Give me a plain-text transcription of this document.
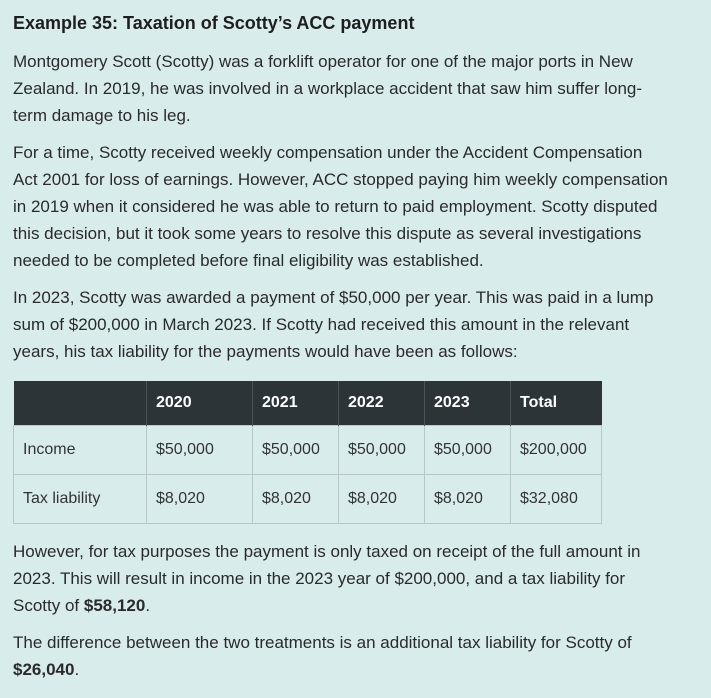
Example 35: Taxation of Scotty’s ACC payment

Montgomery Scott (Scotty) was a forklift operator for one of the major ports in New
Zealand. In 2019, he was involved in a workplace accident that saw him suffer long-
term damage to his leg.

For a time, Scotty received weekly compensation under the Accident Compensation
Act 2001 for loss of earnings. However, ACC stopped paying him weekly compensation
in 2019 when it considered he was able to return to paid employment. Scotty disputed
this decision, but it took some years to resolve this dispute as several investigations
needed to be completed before final eligibility was established.

In 2023, Scotty was awarded a payment of $50,000 per year. This was paid in a lump
sum of $200,000 in March 2023. If Scotty had received this amount in the relevant
years, his tax liability for the payments would have been as follows:

	2020	2021	2022	2023	Total
Income	$50,000	$50,000	$50,000	$50,000	$200,000
Tax liability	$8,020	$8,020	$8,020	$8,020	$32,080

However, for tax purposes the payment is only taxed on receipt of the full amount in
2023. This will result in income in the 2023 year of $200,000, and a tax liability for
Scotty of $58,120.

The difference between the two treatments is an additional tax liability for Scotty of
$26,040.
